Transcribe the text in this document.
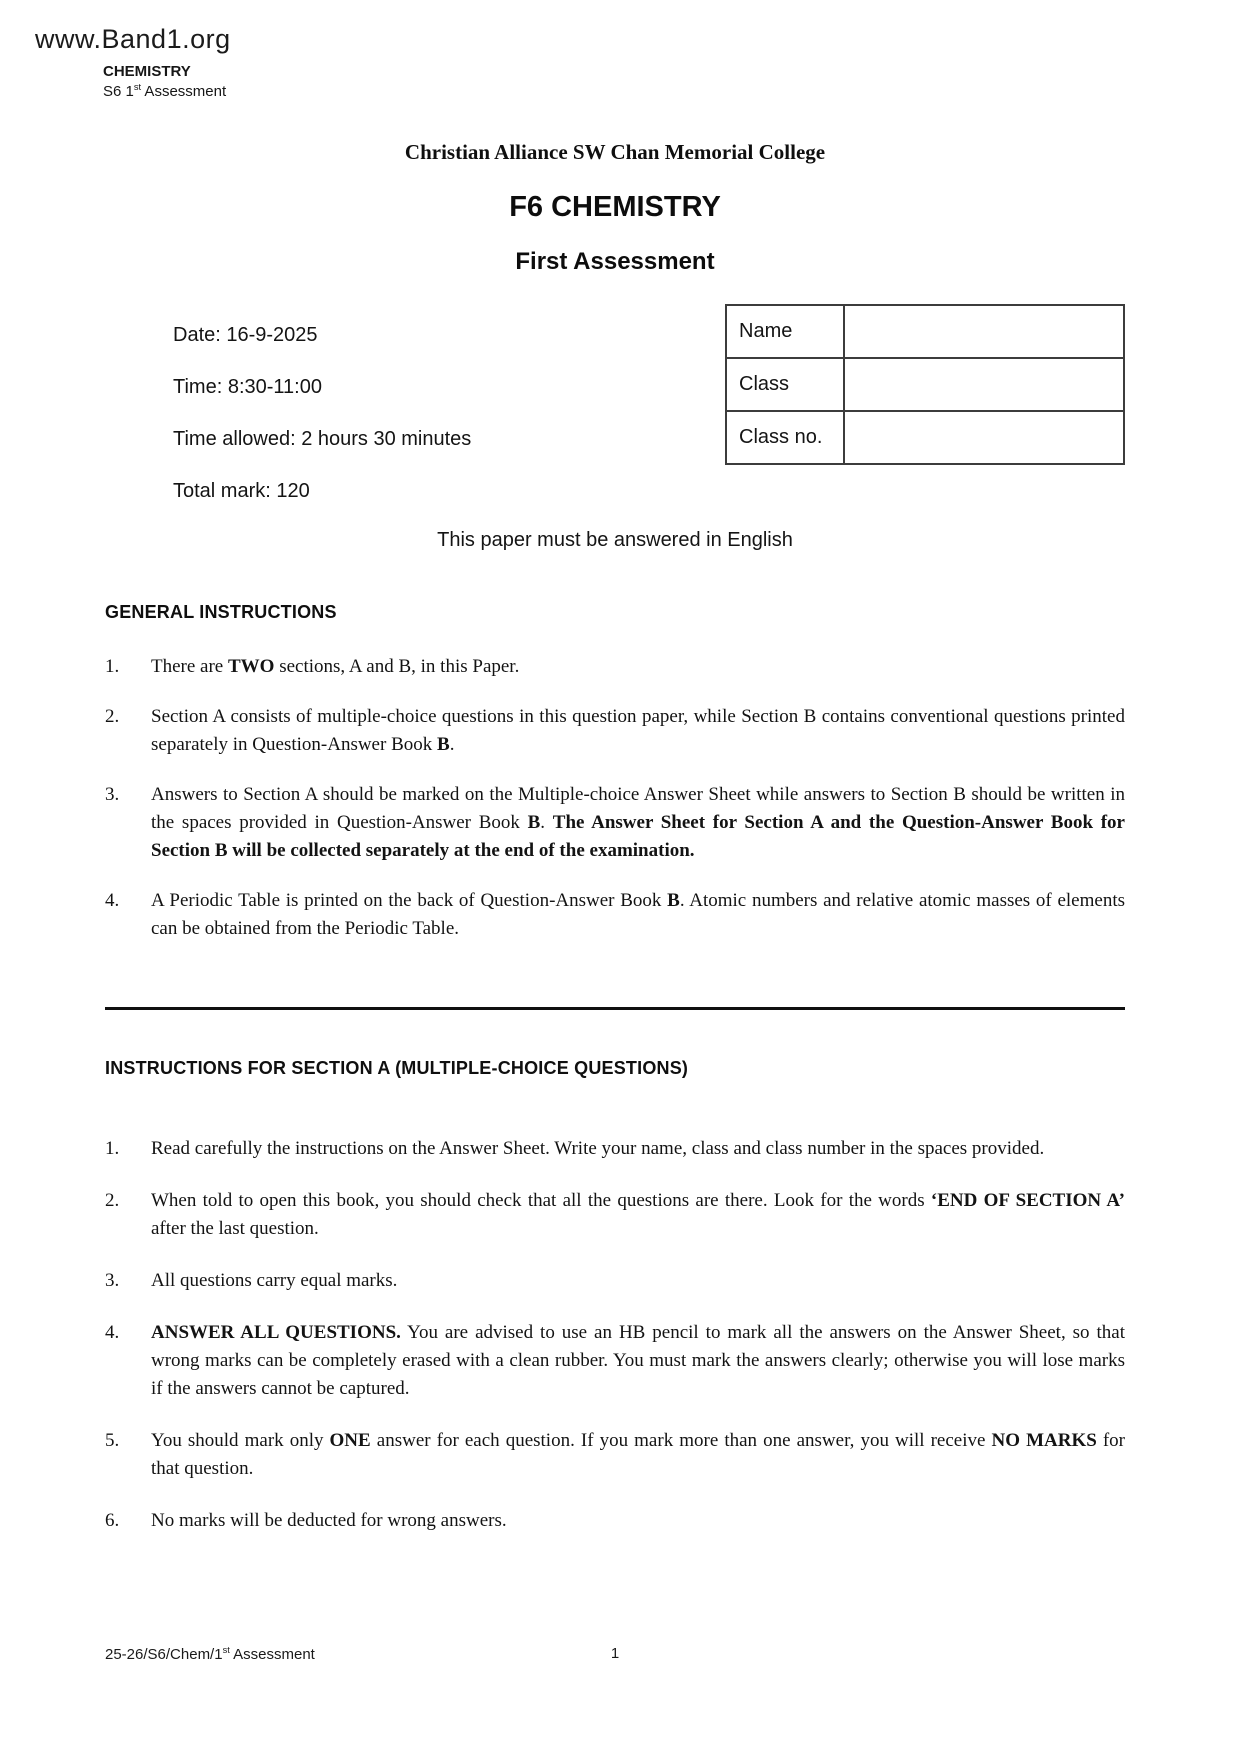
www.Band1.org
CHEMISTRY
S6 1st Assessment
Christian Alliance SW Chan Memorial College
F6 CHEMISTRY
First Assessment
Date: 16-9-2025
Time: 8:30-11:00
Time allowed: 2 hours 30 minutes
Total mark: 120
Name	
Class	
Class no.	
This paper must be answered in English
GENERAL INSTRUCTIONS
1.	There are TWO sections, A and B, in this Paper.
2.	Section A consists of multiple-choice questions in this question paper, while Section B contains conventional questions printed separately in Question-Answer Book B.
3.	Answers to Section A should be marked on the Multiple-choice Answer Sheet while answers to Section B should be written in the spaces provided in Question-Answer Book B. The Answer Sheet for Section A and the Question-Answer Book for Section B will be collected separately at the end of the examination.
4.	A Periodic Table is printed on the back of Question-Answer Book B. Atomic numbers and relative atomic masses of elements can be obtained from the Periodic Table.
INSTRUCTIONS FOR SECTION A (MULTIPLE-CHOICE QUESTIONS)
1.	Read carefully the instructions on the Answer Sheet. Write your name, class and class number in the spaces provided.
2.	When told to open this book, you should check that all the questions are there. Look for the words ‘END OF SECTION A’ after the last question.
3.	All questions carry equal marks.
4.	ANSWER ALL QUESTIONS. You are advised to use an HB pencil to mark all the answers on the Answer Sheet, so that wrong marks can be completely erased with a clean rubber. You must mark the answers clearly; otherwise you will lose marks if the answers cannot be captured.
5.	You should mark only ONE answer for each question. If you mark more than one answer, you will receive NO MARKS for that question.
6.	No marks will be deducted for wrong answers.
25-26/S6/Chem/1st Assessment	1
